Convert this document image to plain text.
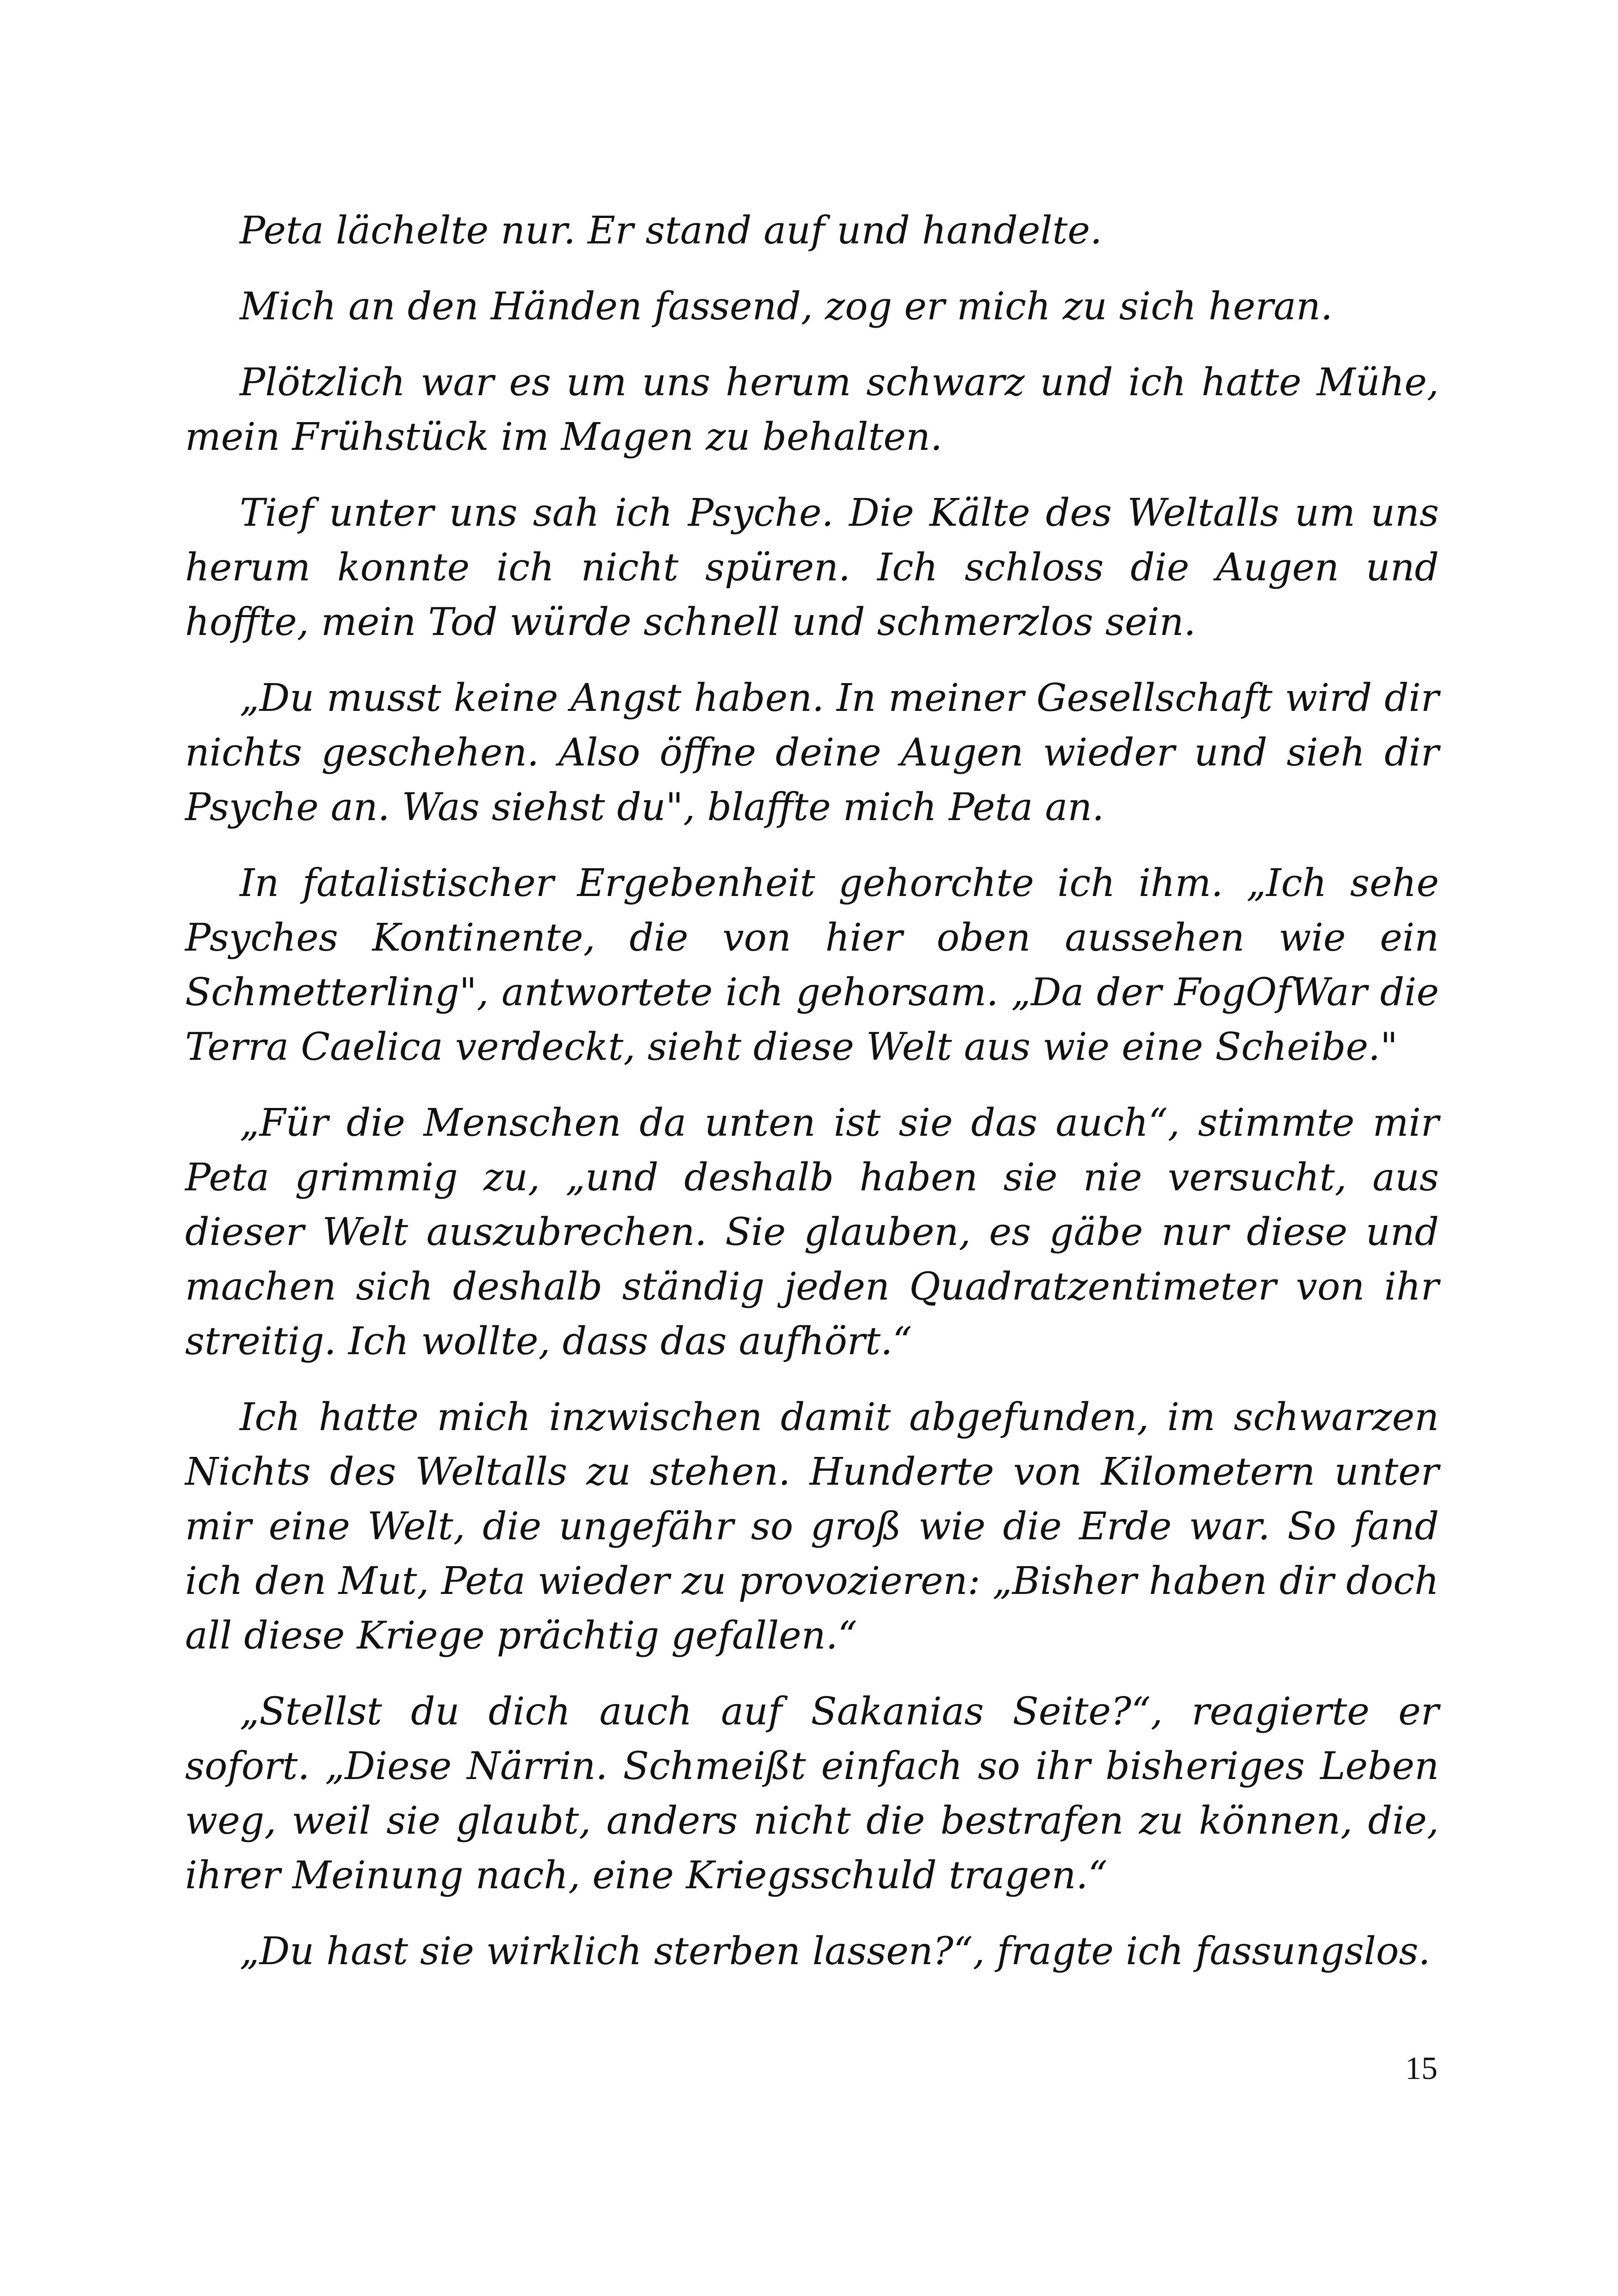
Peta lächelte nur. Er stand auf und handelte.

Mich an den Händen fassend, zog er mich zu sich heran.

Plötzlich war es um uns herum schwarz und ich hatte Mühe, mein Frühstück im Magen zu behalten.

Tief unter uns sah ich Psyche. Die Kälte des Weltalls um uns herum konnte ich nicht spüren. Ich schloss die Augen und hoffte, mein Tod würde schnell und schmerzlos sein.

„Du musst keine Angst haben. In meiner Gesellschaft wird dir nichts geschehen. Also öffne deine Augen wieder und sieh dir Psyche an. Was siehst du", blaffte mich Peta an.

In fatalistischer Ergebenheit gehorchte ich ihm. „Ich sehe Psyches Kontinente, die von hier oben aussehen wie ein Schmetterling", antwortete ich gehorsam. „Da der FogOfWar die Terra Caelica verdeckt, sieht diese Welt aus wie eine Scheibe."

„Für die Menschen da unten ist sie das auch“, stimmte mir Peta grimmig zu, „und deshalb haben sie nie versucht, aus dieser Welt auszubrechen. Sie glauben, es gäbe nur diese und machen sich deshalb ständig jeden Quadratzentimeter von ihr streitig. Ich wollte, dass das aufhört.“

Ich hatte mich inzwischen damit abgefunden, im schwarzen Nichts des Weltalls zu stehen. Hunderte von Kilometern unter mir eine Welt, die ungefähr so groß wie die Erde war. So fand ich den Mut, Peta wieder zu provozieren: „Bisher haben dir doch all diese Kriege prächtig gefallen.“

„Stellst du dich auch auf Sakanias Seite?“, reagierte er sofort. „Diese Närrin. Schmeißt einfach so ihr bisheriges Leben weg, weil sie glaubt, anders nicht die bestrafen zu können, die, ihrer Meinung nach, eine Kriegsschuld tragen.“

„Du hast sie wirklich sterben lassen?“, fragte ich fassungslos.

15
